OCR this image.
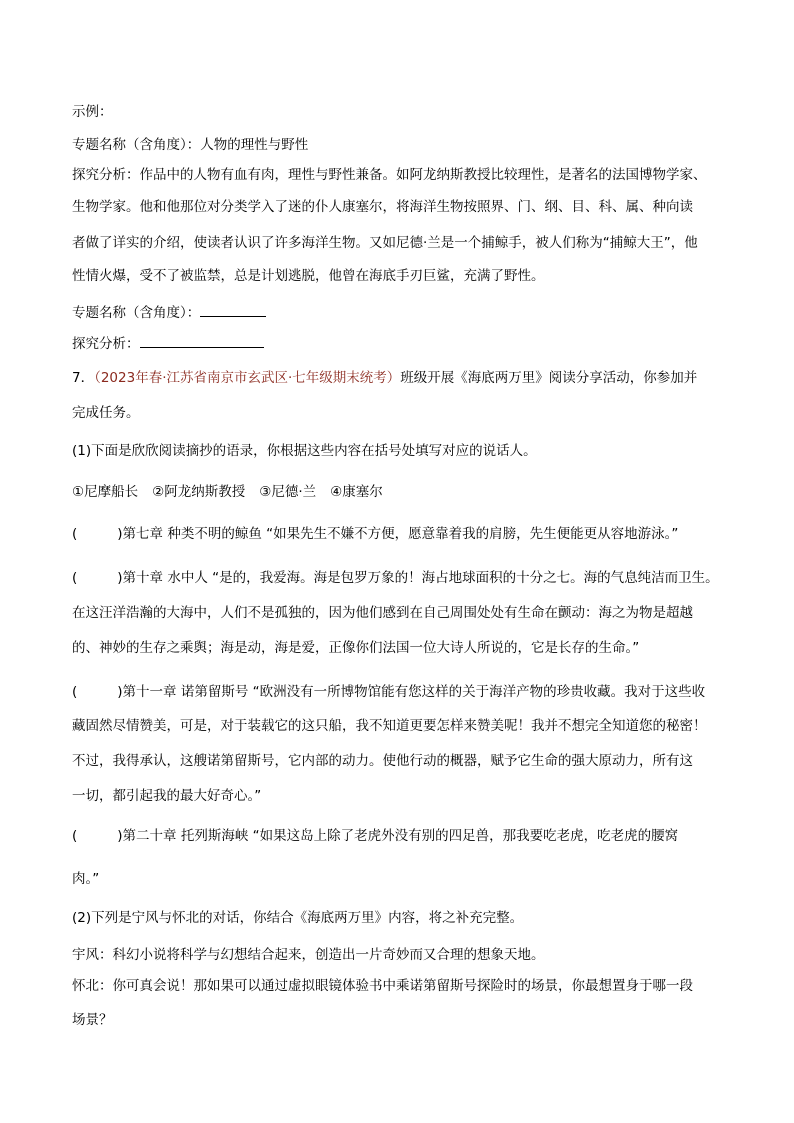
示例：
专题名称（含角度）：人物的理性与野性
探究分析：作品中的人物有血有肉，理性与野性兼备。如阿龙纳斯教授比较理性，是著名的法国博物学家、
生物学家。他和他那位对分类学入了迷的仆人康塞尔，将海洋生物按照界、门、纲、目、科、属、种向读
者做了详实的介绍，使读者认识了许多海洋生物。又如尼德·兰是一个捕鲸手，被人们称为“捕鲸大王”，他
性情火爆，受不了被监禁，总是计划逃脱，他曾在海底手刃巨鲨，充满了野性。
专题名称（含角度）：
探究分析：
7．（2023年春·江苏省南京市玄武区·七年级期末统考）班级开展《海底两万里》阅读分享活动，你参加并
完成任务。
(1)下面是欣欣阅读摘抄的语录，你根据这些内容在括号处填写对应的说话人。
①尼摩船长 ②阿龙纳斯教授 ③尼德·兰 ④康塞尔
(	)第七章 种类不明的鲸鱼 “如果先生不嫌不方便，愿意靠着我的肩膀，先生便能更从容地游泳。”
(	)第十章 水中人 “是的，我爱海。海是包罗万象的！海占地球面积的十分之七。海的气息纯洁而卫生。
在这汪洋浩瀚的大海中，人们不是孤独的，因为他们感到在自己周围处处有生命在颤动：海之为物是超越
的、神妙的生存之乘舆；海是动，海是爱，正像你们法国一位大诗人所说的，它是长存的生命。”
(	)第十一章 诺第留斯号 “欧洲没有一所博物馆能有您这样的关于海洋产物的珍贵收藏。我对于这些收
藏固然尽情赞美，可是，对于装载它的这只船，我不知道更要怎样来赞美呢！我并不想完全知道您的秘密！
不过，我得承认，这艘诺第留斯号，它内部的动力。使他行动的概器，赋予它生命的强大原动力，所有这
一切，都引起我的最大好奇心。”
(	)第二十章 托列斯海峡 “如果这岛上除了老虎外没有别的四足兽，那我要吃老虎，吃老虎的腰窝
肉。”
(2)下列是宁风与怀北的对话，你结合《海底两万里》内容，将之补充完整。
宇风：科幻小说将科学与幻想结合起来，创造出一片奇妙而又合理的想象天地。
怀北：你可真会说！那如果可以通过虚拟眼镜体验书中乘诺第留斯号探险时的场景，你最想置身于哪一段
场景？
